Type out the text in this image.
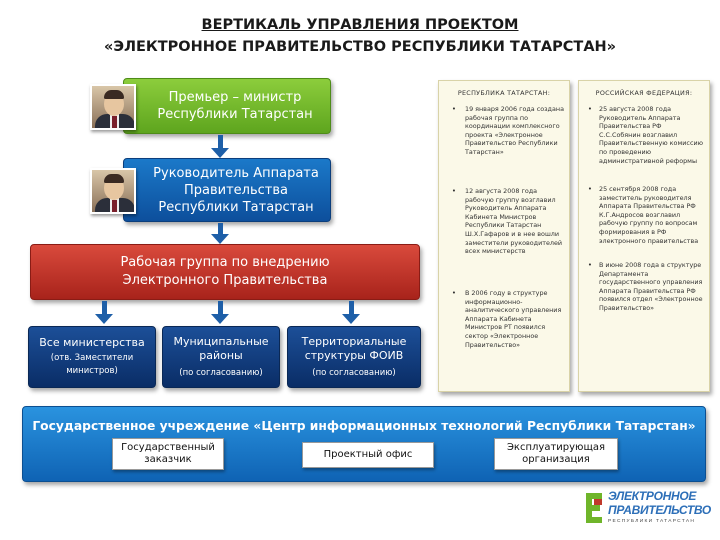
ВЕРТИКАЛЬ УПРАВЛЕНИЯ ПРОЕКТОМ
«ЭЛЕКТРОННОЕ ПРАВИТЕЛЬСТВО РЕСПУБЛИКИ ТАТАРСТАН»
Премьер – министр Республики Татарстан
Руководитель Аппарата Правительства Республики Татарстан
Рабочая группа по внедрению Электронного Правительства
Все министерства
(отв. Заместители министров)
Муниципальные районы
(по согласованию)
Территориальные структуры ФОИВ
(по согласованию)
РЕСПУБЛИКА ТАТАРСТАН:
• 19 января 2006 года создана рабочая группа по координации комплексного проекта «Электронное Правительство Республики Татарстан»
• 12 августа 2008 года рабочую группу возглавил Руководитель Аппарата Кабинета Министров Республики Татарстан Ш.Х.Гафаров и в нее вошли заместители руководителей всех министерств
• В 2006 году в структуре информационно-аналитического управления Аппарата Кабинета Министров РТ появился сектор «Электронное Правительство»
РОССИЙСКАЯ ФЕДЕРАЦИЯ:
• 25 августа 2008 года Руководитель Аппарата Правительства РФ С.С.Собянин возглавил Правительственную комиссию по проведению административной реформы
• 25 сентября 2008 года заместитель руководителя Аппарата Правительства РФ К.Г.Андросов возглавил рабочую группу по вопросам формирования в РФ электронного правительства
• В июне 2008 года в структуре Департамента государственного управления Аппарата Правительства РФ появился отдел «Электронное Правительство»
Государственное учреждение «Центр информационных технологий Республики Татарстан»
Государственный заказчик	Проектный офис
Эксплуатирующая организация
ЭЛЕКТРОННОЕ
ПРАВИТЕЛЬСТВО
РЕСПУБЛИКИ ТАТАРСТАН
